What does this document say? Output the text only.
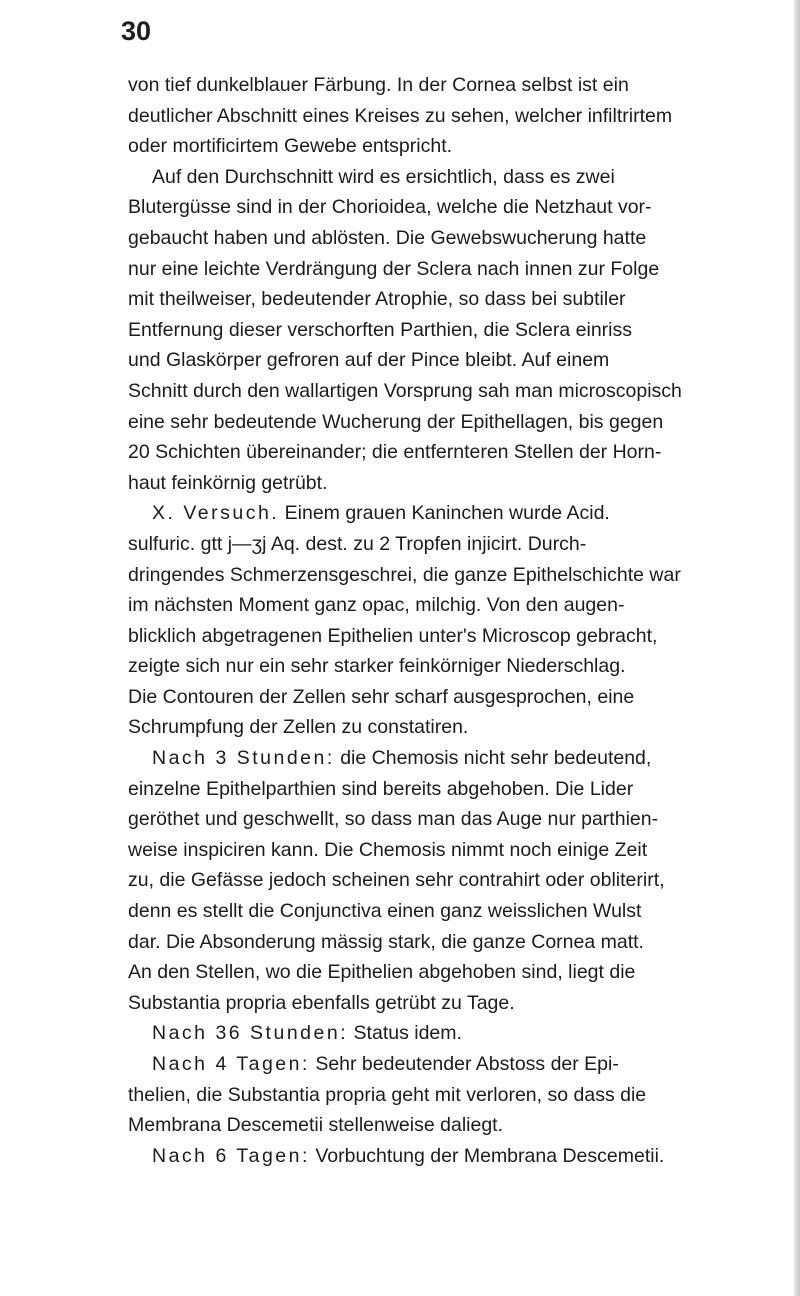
30
von tief dunkelblauer Färbung. In der Cornea selbst ist ein
deutlicher Abschnitt eines Kreises zu sehen, welcher infiltrirtem
oder mortificirtem Gewebe entspricht.
Auf den Durchschnitt wird es ersichtlich, dass es zwei
Blutergüsse sind in der Chorioidea, welche die Netzhaut vor-
gebaucht haben und ablösten. Die Gewebswucherung hatte
nur eine leichte Verdrängung der Sclera nach innen zur Folge
mit theilweiser, bedeutender Atrophie, so dass bei subtiler
Entfernung dieser verschorften Parthien, die Sclera einriss
und Glaskörper gefroren auf der Pince bleibt. Auf einem
Schnitt durch den wallartigen Vorsprung sah man microscopisch
eine sehr bedeutende Wucherung der Epithellagen, bis gegen
20 Schichten übereinander; die entfernteren Stellen der Horn-
haut feinkörnig getrübt.
X. Versuch. Einem grauen Kaninchen wurde Acid.
sulfuric. gtt j—ʒj Aq. dest. zu 2 Tropfen injicirt. Durch-
dringendes Schmerzensgeschrei, die ganze Epithelschichte war
im nächsten Moment ganz opac, milchig. Von den augen-
blicklich abgetragenen Epithelien unter's Microscop gebracht,
zeigte sich nur ein sehr starker feinkörniger Niederschlag.
Die Contouren der Zellen sehr scharf ausgesprochen, eine
Schrumpfung der Zellen zu constatiren.
Nach 3 Stunden: die Chemosis nicht sehr bedeutend,
einzelne Epithelparthien sind bereits abgehoben. Die Lider
geröthet und geschwellt, so dass man das Auge nur parthien-
weise inspiciren kann. Die Chemosis nimmt noch einige Zeit
zu, die Gefässe jedoch scheinen sehr contrahirt oder obliterirt,
denn es stellt die Conjunctiva einen ganz weisslichen Wulst
dar. Die Absonderung mässig stark, die ganze Cornea matt.
An den Stellen, wo die Epithelien abgehoben sind, liegt die
Substantia propria ebenfalls getrübt zu Tage.
Nach 36 Stunden: Status idem.
Nach 4 Tagen: Sehr bedeutender Abstoss der Epi-
thelien, die Substantia propria geht mit verloren, so dass die
Membrana Descemetii stellenweise daliegt.
Nach 6 Tagen: Vorbuchtung der Membrana Descemetii.
